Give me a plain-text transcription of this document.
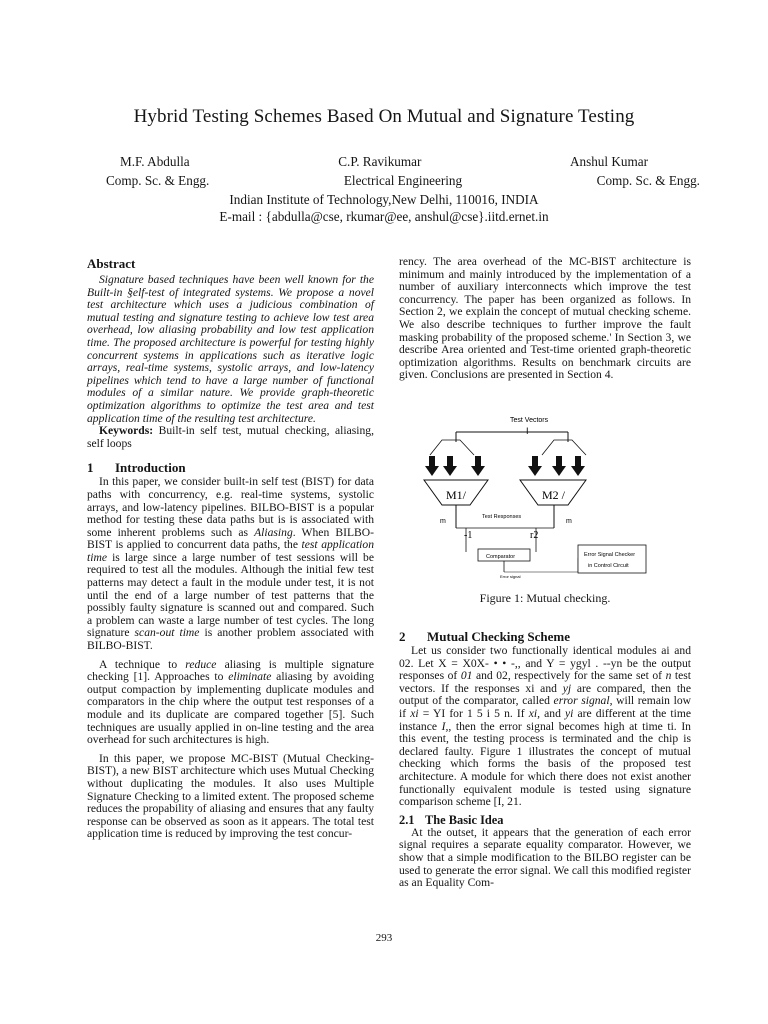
Hybrid Testing Schemes Based On Mutual and Signature Testing
M.F. Abdulla	C.P. Ravikumar	Anshul Kumar
Comp. Sc. & Engg.	Electrical Engineering	Comp. Sc. & Engg.
Indian Institute of Technology,New Delhi, 110016, INDIA
E-mail : {abdulla@cse, rkumar@ee, anshul@cse}.iitd.ernet.in
Abstract

Signature based techniques have been well known for the Built-in §elf-test of integrated systems. We propose a novel test architecture which uses a judicious combination of mutual testing and signature testing to achieve low test area overhead, low aliasing probability and low test application time. The proposed architecture is powerful for testing highly concurrent systems in applications such as iterative logic arrays, real-time systems, systolic arrays, and low-latency pipelines which tend to have a large number of functional modules of a similar nature. We provide graph-theoretic optimization algorithms to optimize the test area and test application time of the resulting test architecture.

Keywords: Built-in self test, mutual checking, aliasing, self loops

1 Introduction

In this paper, we consider built-in self test (BIST) for data paths with concurrency, e.g. real-time systems, systolic arrays, and low-latency pipelines. BILBO-BIST is a popular method for testing these data paths but is is associated with some inherent problems such as Aliasing. When BILBO-BIST is applied to concurrent data paths, the test application time is large since a large number of test sessions will be required to test all the modules. Although the initial few test patterns may detect a fault in the module under test, it is not until the end of a large number of test patterns that the possibly faulty signature is scanned out and compared. Such a problem can waste a large number of test cycles. The long signature scan-out time is another problem associated with BILBO-BIST.

A technique to reduce aliasing is multiple signature checking [1]. Approaches to eliminate aliasing by avoiding output compaction by implementing duplicate modules and comparators in the chip where the output test responses of a module and its duplicate are compared together [5]. Such techniques are usually applied in on-line testing and the area overhead for such architectures is high.

In this paper, we propose MC-BIST (Mutual Checking-BIST), a new BIST architecture which uses Mutual Checking without duplicating the modules. It also uses Multiple Signature Checking to a limited extent. The proposed scheme reduces the propability of aliasing and ensures that any faulty response can be observed as soon as it appears. The total test application time is reduced by improving the test concur-

rency. The area overhead of the MC-BIST architecture is minimum and mainly introduced by the implementation of a number of auxiliary interconnects which improve the test concurrency. The paper has been organized as follows. In Section 2, we explain the concept of mutual checking scheme. We also describe techniques to further improve the fault masking probability of the proposed scheme.' In Section 3, we describe Area oriented and Test-time oriented graph-theoretic optimization algorithms. Results on benchmark circuits are given. Conclusions are presented in Section 4.

Test Vectors
I
M1/	M2 /
m	m
Test Responses
-1	r2
Comparator
Error signal
Error Signal Checker
in Control Circuit
Figure 1: Mutual checking.
2 Mutual Checking Scheme

Let us consider two functionally identical modules ai and 02. Let X = X0X- • • -,, and Y = ygyl . --yn be the output responses of 01 and 02, respectively for the same set of n test vectors. If the responses xi and yj are compared, then the output of the comparator, called error signal, will remain low if xi = YI for 1 5 i 5 n. If xi, and yi are different at the time instance I,, then the error signal becomes high at time ti. In this event, the testing process is terminated and the chip is declared faulty. Figure 1 illustrates the concept of mutual checking which forms the basis of the proposed test architecture. A module for which there does not exist another functionally equivalent module is tested using signature comparison scheme [I, 21.

2.1 The Basic Idea

At the outset, it appears that the generation of each error signal requires a separate equality comparator. However, we show that a simple modification to the BILBO register can be used to generate the error signal. We call this modified register as an Equality Com-

293
